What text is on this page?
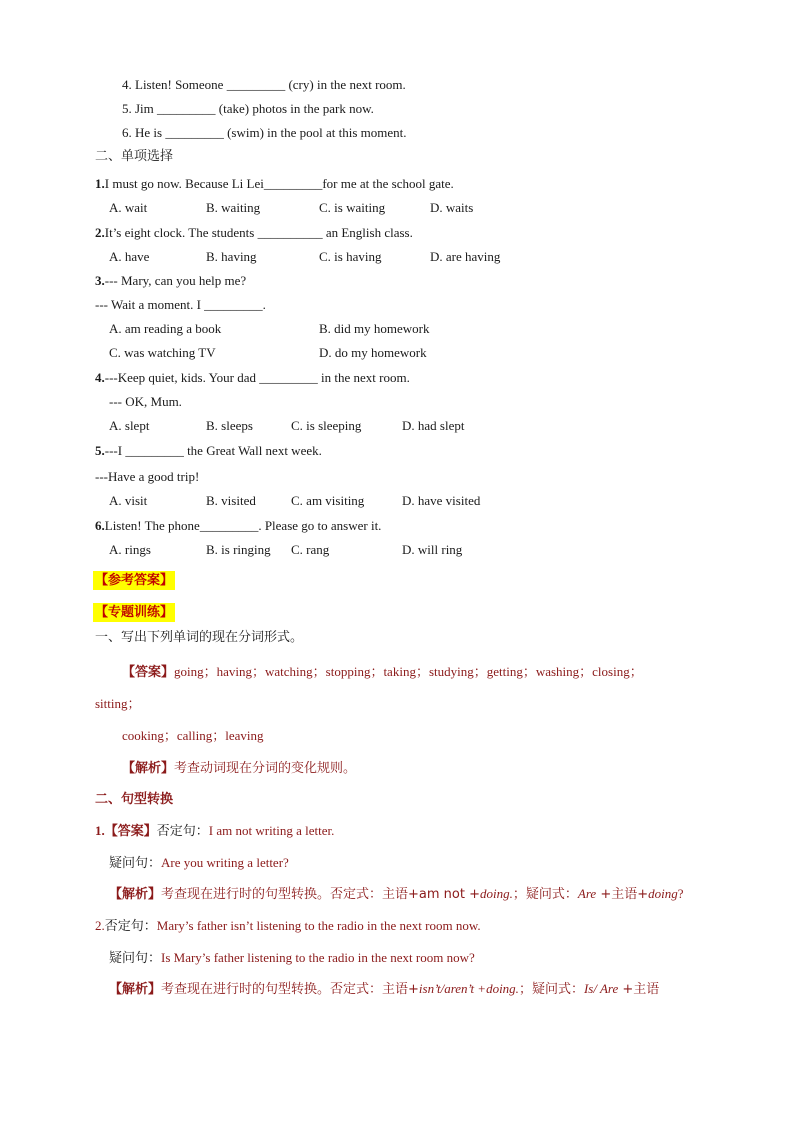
4. Listen! Someone _________ (cry) in the next room.
5. Jim _________ (take) photos in the park now.
6. He is _________ (swim) in the pool at this moment.
二、单项选择
1.I must go now. Because Li Lei_________for me at the school gate.
A. wait	B. waiting	C. is waiting	D. waits
2.It’s eight clock. The students __________ an English class.
A. have	B. having	C. is having	D. are having
3.--- Mary, can you help me?
--- Wait a moment. I _________.
A. am reading a book	B. did my homework
C. was watching TV	D. do my homework
4.---Keep quiet, kids. Your dad _________ in the next room.
--- OK, Mum.
A. slept	B. sleeps	C. is sleeping	D. had slept
5.---I _________ the Great Wall next week.
---Have a good trip!
A. visit	B. visited	C. am visiting	D. have visited
6.Listen! The phone_________. Please go to answer it.
A. rings	B. is ringing C. rang	D. will ring
【参考答案】
【专题训练】
一、写出下列单词的现在分词形式。
【答案】going；having；watching；stopping；taking；studying；getting；washing；closing；
sitting；
cooking；calling；leaving
【解析】考查动词现在分词的变化规则。
二、句型转换
1.【答案】否定句：I am not writing a letter.
疑问句：Are you writing a letter?
【解析】考查现在进行时的句型转换。否定式：主语+am not +doing.；疑问式：Are +主语+doing?
2.否定句：Mary’s father isn’t listening to the radio in the next room now.
疑问句：Is Mary’s father listening to the radio in the next room now?
【解析】考查现在进行时的句型转换。否定式：主语+isn’t/aren’t +doing.；疑问式：Is/ Are +主语
